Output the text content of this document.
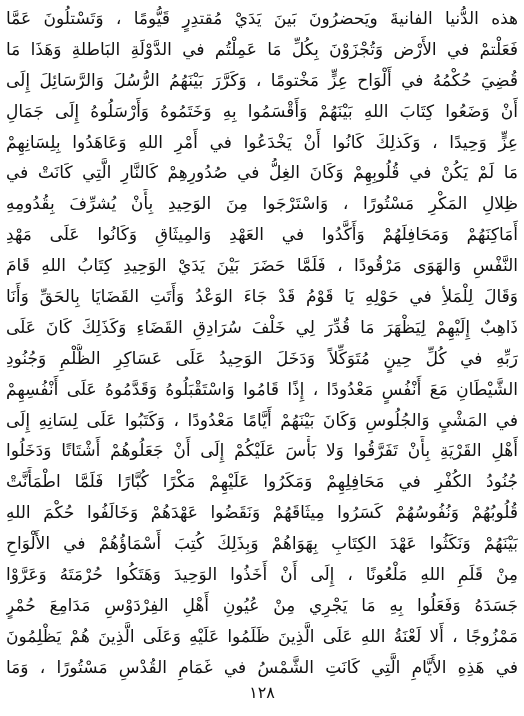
هذه الدُّنيا الفانيةَ ويَحضرُونَ بَينَ يَدَيْ مُقتدِرٍ قَيُّومًا ، وَتَسْتلُونَ عَمَّا
فَعَلْتمْ في الأَرْض وَتُجْزَوْنَ بِكُلِّ مَا عَمِلْتُم في الدَّوْلَةِ البَاطلةِ وَهَذَا مَا
قُضِيَ حُكْمُهُ في أَلْوَاح عِزٍّ مَخْتومًا ، وَكَرَّرَ بَيْنَهُمُ الرُّسُلَ وَالرَّسَائِلَ إِلَى
أَنْ وَضَعُوا كِتَابَ اللهِ بَيْنَهُمْ وَأَقْسَمُوا بِهِ وَخَتَمُوهُ وَأَرْسَلُوهُ إِلَى جَمَالِ
عِزٍّ وَحِيدًا ، وَكَذلِكَ كَانُوا أَنْ يَخْدَعُوا في أَمْرِ اللهِ وَعَاهَدُوا بِلِسَانِهِمْ
مَا لَمْ يَكُنْ في قُلُوبِهِمْ وَكَانَ الغِلُّ في صُدُورِهِمْ كَالنَّارِ الَّتِي كَانَتْ في
ظِلالِ المَكْرِ مَسْتُورًا ، وَاسْتَرْجَوا مِنَ الوَحِيدِ بِأَنْ يُشرِّفَ بِقُدُومِهِ
أَمَاكِنَهُمْ وَمَحَافِلَهُمْ وَأَكَّدُوا في العَهْدِ وَالمِيثَاقِ وَكَانُوا عَلَى مَهْدِ
النَّفْسِ وَالهَوَى مَرْقُودًا ، فَلَمَّا حَضَرَ بَيْنَ يَدَيْ الوَحِيدِ كِتَابُ اللهِ قَامَ
وَقَالَ لِلْمَلأِ في حَوْلِهِ يَا قَوْمُ قَدْ جَاءَ الوَعْدُ وَأَتَتِ القَضَايَا بِالحَقِّ وَأَنَا
ذَاهِبٌ إِلَيْهِمْ لِيَظْهَرَ مَا قُدِّرَ لِي خَلْفَ سُرَادِقِ القَضَاءِ وَكَذَلِكَ كَانَ عَلَى
رَبِّهِ في كُلِّ حِينٍ مُتَوَكِّلاً وَدَخَلَ الوَحِيدُ عَلَى عَسَاكِرِ الظُّلْمِ وَجُنُودِ
الشَّيْطَانِ مَعَ أَنْفُسٍ مَعْدُودًا ، إِذًا قَامُوا وَاسْتَقْبَلُوهُ وَقَدَّمُوهُ عَلَى أَنْفُسِهِمْ
في المَشْيِ وَالجُلُوسِ وَكَانَ بَيْنَهُمْ أَيَّامًا مَعْدُودًا ، وَكَتَبُوا عَلَى لِسَانِهِ إِلَى
أَهْلِ القَرْيَةِ بِأَنْ تَفَرَّقُوا وَلا بَأْسَ عَلَيْكُمْ إِلَى أَنْ جَعَلُوهُمْ أَشْتَاتًا وَدَخَلُوا
جُنُودُ الكُفْرِ في مَحَافِلِهِمْ وَمَكَرُوا عَلَيْهِمْ مَكْرًا كُبَّارًا فَلَمَّا اطْمَأَنَّتْ
قُلُوبُهُمْ وَنُفُوسُهُمْ كَسَرُوا مِيثَاقَهُمْ وَنَقَضُوا عَهْدَهُمْ وَخَالَفُوا حُكْمَ اللهِ
بَيْنَهُمْ وَنَكَثُوا عَهْدَ الكِتَابِ بِهَوَاهُمْ وَبِذَلِكَ كُتِبَ أَسْمَاؤُهُمْ في الأَلْوَاحِ
مِنْ قَلَمِ اللهِ مَلْعُونًا ، إِلَى أَنْ أَخَذُوا الوَحِيدَ وَهَتَكُوا حُرْمَتَهُ وَعَرَّوْا
جَسَدَهُ وَفَعَلُوا بِهِ مَا يَجْرِي مِنْ عُيُونِ أَهْلِ الفِرْدَوْسِ مَدَامِعَ حُمْرٍ
مَمْزُوجًا ، أَلا لَعْنَةُ اللهِ عَلَى الَّذِينَ ظَلَمُوا عَلَيْهِ وَعَلَى الَّذِينَ هُمْ يَظْلِمُونَ
في هَذِهِ الأَيَّامِ الَّتِي كَانَتِ الشَّمْسُ في غَمَامِ القُدْسِ مَسْتُورًا ، وَمَا
١٢٨
